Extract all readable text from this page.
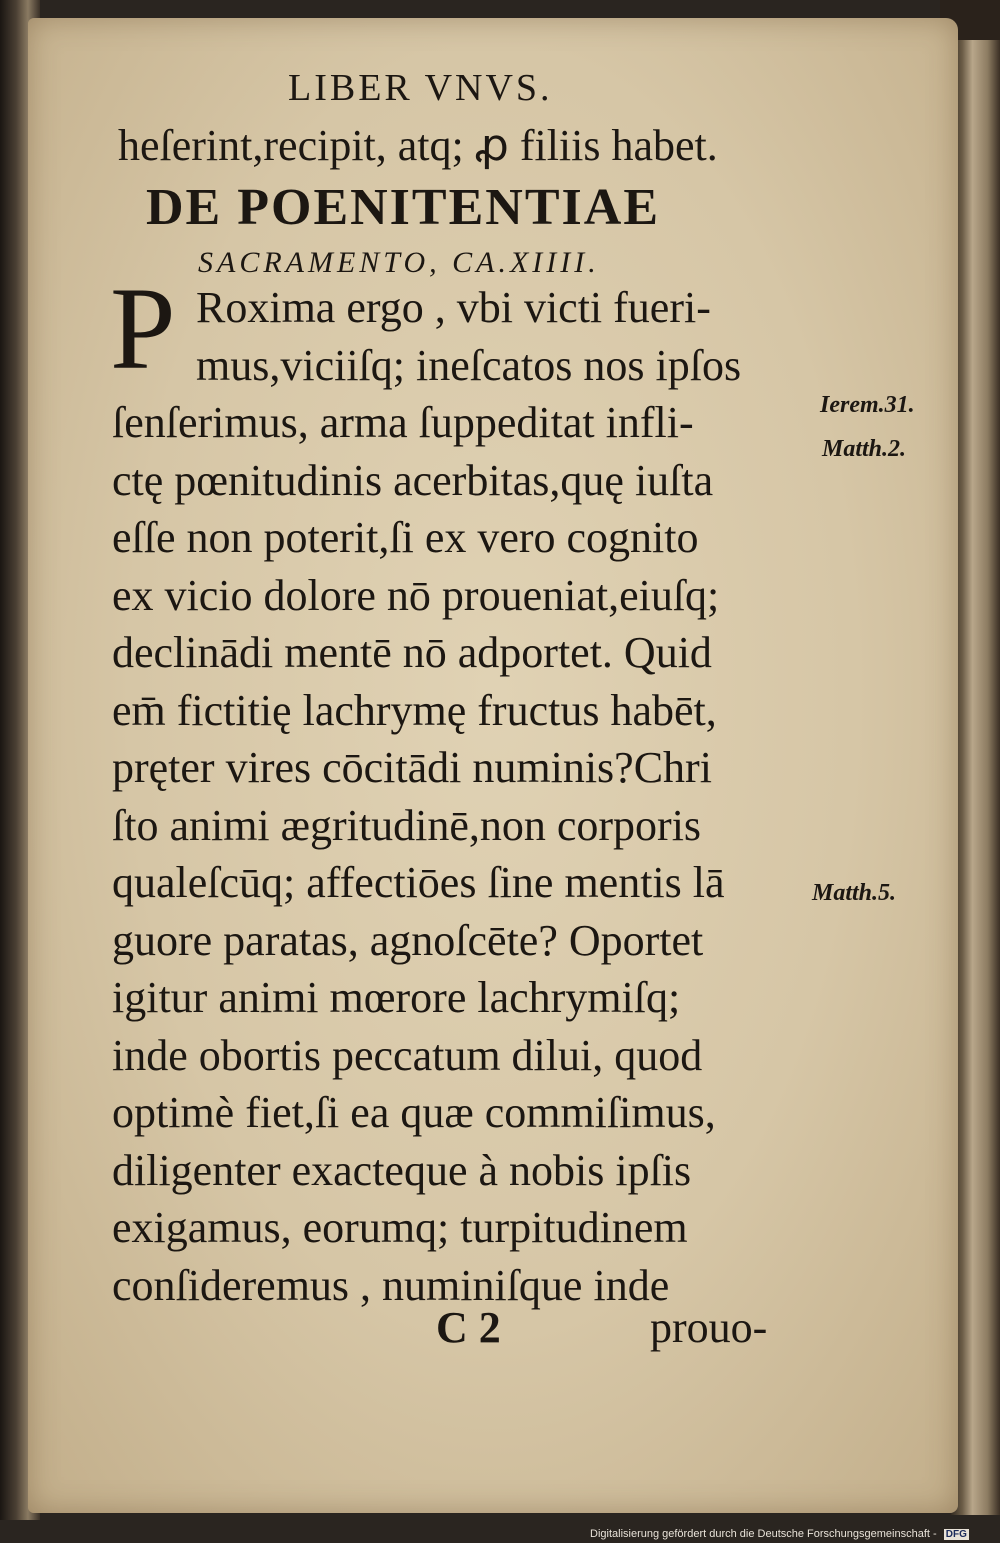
LIBER VNVS.
heſerint,recipit, atq; ꝓ filiis habet.
DE POENITENTIAE
SACRAMENTO, CA.XIIII.
P Roxima ergo , vbi victi fueri-
mus,viciiſq; ineſcatos nos ipſos
ſenſerimus, arma ſuppeditat infli-
ctę pœnitudinis acerbitas,quę iuſta
eſſe non poterit,ſi ex vero cognito
ex vicio dolore nō proueniat,eiuſq;
declinādi mentē nō adportet. Quid
em̄ fictitię lachrymę fructus habēt,
pręter vires cōcitādi numinis?Chri
ſto animi ægritudinē,non corporis
qualeſcūq; affectiōes ſine mentis lā
guore paratas, agnoſcēte? Oportet
igitur animi mœrore lachrymiſq;
inde obortis peccatum dilui, quod
optimè fiet,ſi ea quæ commiſimus,
diligenter exacteque à nobis ipſis
exigamus, eorumq; turpitudinem
conſideremus , numiniſque inde
Ierem.31.
Matth.2.
Matth.5.
C 2	prouo-
Digitalisierung gefördert durch die Deutsche Forschungsgemeinschaft - DFG
